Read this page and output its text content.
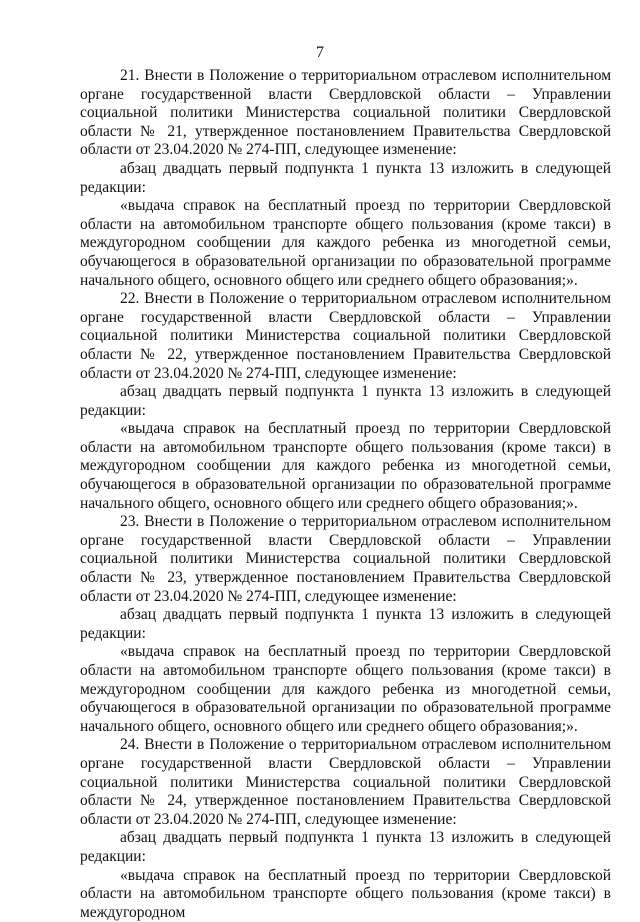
7

21. Внести в Положение о территориальном отраслевом исполнительном органе государственной власти Свердловской области – Управлении социальной политики Министерства социальной политики Свердловской области № 21, утвержденное постановлением Правительства Свердловской области от 23.04.2020 № 274-ПП, следующее изменение:

абзац двадцать первый подпункта 1 пункта 13 изложить в следующей редакции:

«выдача справок на бесплатный проезд по территории Свердловской области на автомобильном транспорте общего пользования (кроме такси) в междугородном сообщении для каждого ребенка из многодетной семьи, обучающегося в образовательной организации по образовательной программе начального общего, основного общего или среднего общего образования;».

22. Внести в Положение о территориальном отраслевом исполнительном органе государственной власти Свердловской области – Управлении социальной политики Министерства социальной политики Свердловской области № 22, утвержденное постановлением Правительства Свердловской области от 23.04.2020 № 274-ПП, следующее изменение:

абзац двадцать первый подпункта 1 пункта 13 изложить в следующей редакции:

«выдача справок на бесплатный проезд по территории Свердловской области на автомобильном транспорте общего пользования (кроме такси) в междугородном сообщении для каждого ребенка из многодетной семьи, обучающегося в образовательной организации по образовательной программе начального общего, основного общего или среднего общего образования;».

23. Внести в Положение о территориальном отраслевом исполнительном органе государственной власти Свердловской области – Управлении социальной политики Министерства социальной политики Свердловской области № 23, утвержденное постановлением Правительства Свердловской области от 23.04.2020 № 274-ПП, следующее изменение:

абзац двадцать первый подпункта 1 пункта 13 изложить в следующей редакции:

«выдача справок на бесплатный проезд по территории Свердловской области на автомобильном транспорте общего пользования (кроме такси) в междугородном сообщении для каждого ребенка из многодетной семьи, обучающегося в образовательной организации по образовательной программе начального общего, основного общего или среднего общего образования;».

24. Внести в Положение о территориальном отраслевом исполнительном органе государственной власти Свердловской области – Управлении социальной политики Министерства социальной политики Свердловской области № 24, утвержденное постановлением Правительства Свердловской области от 23.04.2020 № 274-ПП, следующее изменение:

абзац двадцать первый подпункта 1 пункта 13 изложить в следующей редакции:

«выдача справок на бесплатный проезд по территории Свердловской области на автомобильном транспорте общего пользования (кроме такси) в междугородном
